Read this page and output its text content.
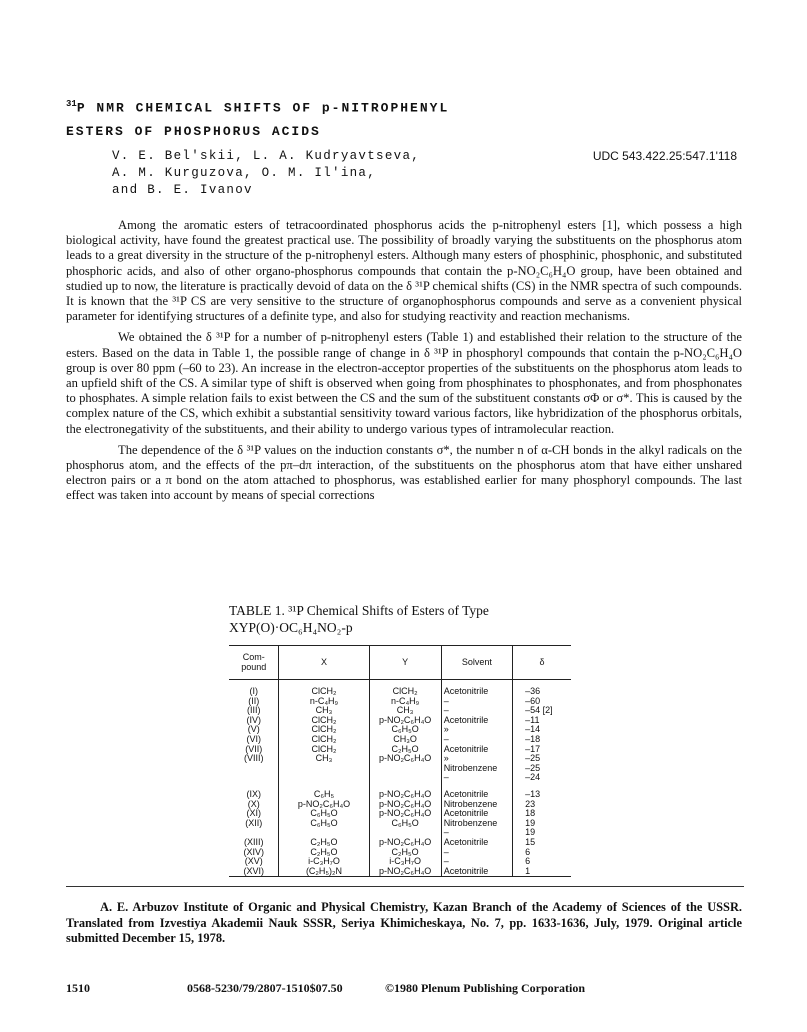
$^{31}$P NMR CHEMICAL SHIFTS OF p-NITROPHENYL
ESTERS OF PHOSPHORUS ACIDS
V. E. Bel'skii, L. A. Kudryavtseva,
A. M. Kurguzova, O. M. Il'ina,
and B. E. Ivanov
UDC 543.422.25:547.1'118

Among the aromatic esters of tetracoordinated phosphorus acids the p-nitrophenyl esters [1], which possess a high biological activity, have found the greatest practical use. The possibility of broadly varying the substituents on the phosphorus atom leads to a great diversity in the structure of the p-nitrophenyl esters. Although many esters of phosphinic, phosphonic, and substituted phosphoric acids, and also of other organo-phosphorus compounds that contain the p-NO₂C₆H₄O group, have been obtained and studied up to now, the literature is practically devoid of data on the δ ³¹P chemical shifts (CS) in the NMR spectra of such compounds. It is known that the ³¹P CS are very sensitive to the structure of organophosphorus compounds and serve as a convenient physical parameter for identifying structures of a definite type, and also for studying reactivity and reaction mechanisms.

We obtained the δ ³¹P for a number of p-nitrophenyl esters (Table 1) and established their relation to the structure of the esters. Based on the data in Table 1, the possible range of change in δ ³¹P in phosphoryl compounds that contain the p-NO₂C₆H₄O group is over 80 ppm (–60 to 23). An increase in the electron-acceptor properties of the substituents on the phosphorus atom leads to an upfield shift of the CS. A similar type of shift is observed when going from phosphinates to phosphonates, and from phosphonates to phosphates. A simple relation fails to exist between the CS and the sum of the substituent constants σΦ or σ*. This is caused by the complex nature of the CS, which exhibit a substantial sensitivity toward various factors, like hybridization of the phosphorus orbitals, the electronegativity of the substituents, and their ability to undergo various types of intramolecular reaction.

The dependence of the δ ³¹P values on the induction constants σ*, the number n of α-CH bonds in the alkyl radicals on the phosphorus atom, and the effects of the pπ–dπ interaction, of the substituents on the phosphorus atom that have either unshared electron pairs or a π bond on the atom attached to phosphorus, was established earlier for many phosphoryl compounds. The last effect was taken into account by means of special corrections

TABLE 1. ³¹P Chemical Shifts of Esters of Type XYP(O)·OC₆H₄NO₂-p
Com-pound	X	Y	Solvent	δ

(I)	ClCH₂	ClCH₂	Acetonitrile	–36
(II)	n-C₄H₉	n-C₄H₉	–	–60
(III)	CH₃	CH₃	–	–54 [2]
(IV)	ClCH₂	p-NO₂C₆H₄O	Acetonitrile	–11
(V)	ClCH₂	C₆H₅O	»	–14
(VI)	ClCH₂	CH₃O	–	–18
(VII)	ClCH₂	C₂H₅O	Acetonitrile	–17
(VIII)	CH₃	p-NO₂C₆H₄O	»	–25
			Nitrobenzene	–25
			–	–24

(IX)	C₆H₅	p-NO₂C₆H₄O	Acetonitrile	–13
(X)	p-NO₂C₆H₄O	p-NO₂C₆H₄O	Nitrobenzene	23
(XI)	C₆H₅O	p-NO₂C₆H₄O	Acetonitrile	18
(XII)	C₆H₅O	C₆H₅O	Nitrobenzene	19
			–	19
(XIII)	C₂H₅O	p-NO₂C₆H₄O	Acetonitrile	15
(XIV)	C₂H₅O	C₂H₅O	–	6
(XV)	i-C₃H₇O	i-C₃H₇O	–	6
(XVI)	(C₂H₅)₂N	p-NO₂C₆H₄O	Acetonitrile	1
A. E. Arbuzov Institute of Organic and Physical Chemistry, Kazan Branch of the Academy of Sciences of the USSR. Translated from Izvestiya Akademii Nauk SSSR, Seriya Khimicheskaya, No. 7, pp. 1633-1636, July, 1979. Original article submitted December 15, 1978.
1510	0568-5230/79/2807-1510$07.50	©1980 Plenum Publishing Corporation
